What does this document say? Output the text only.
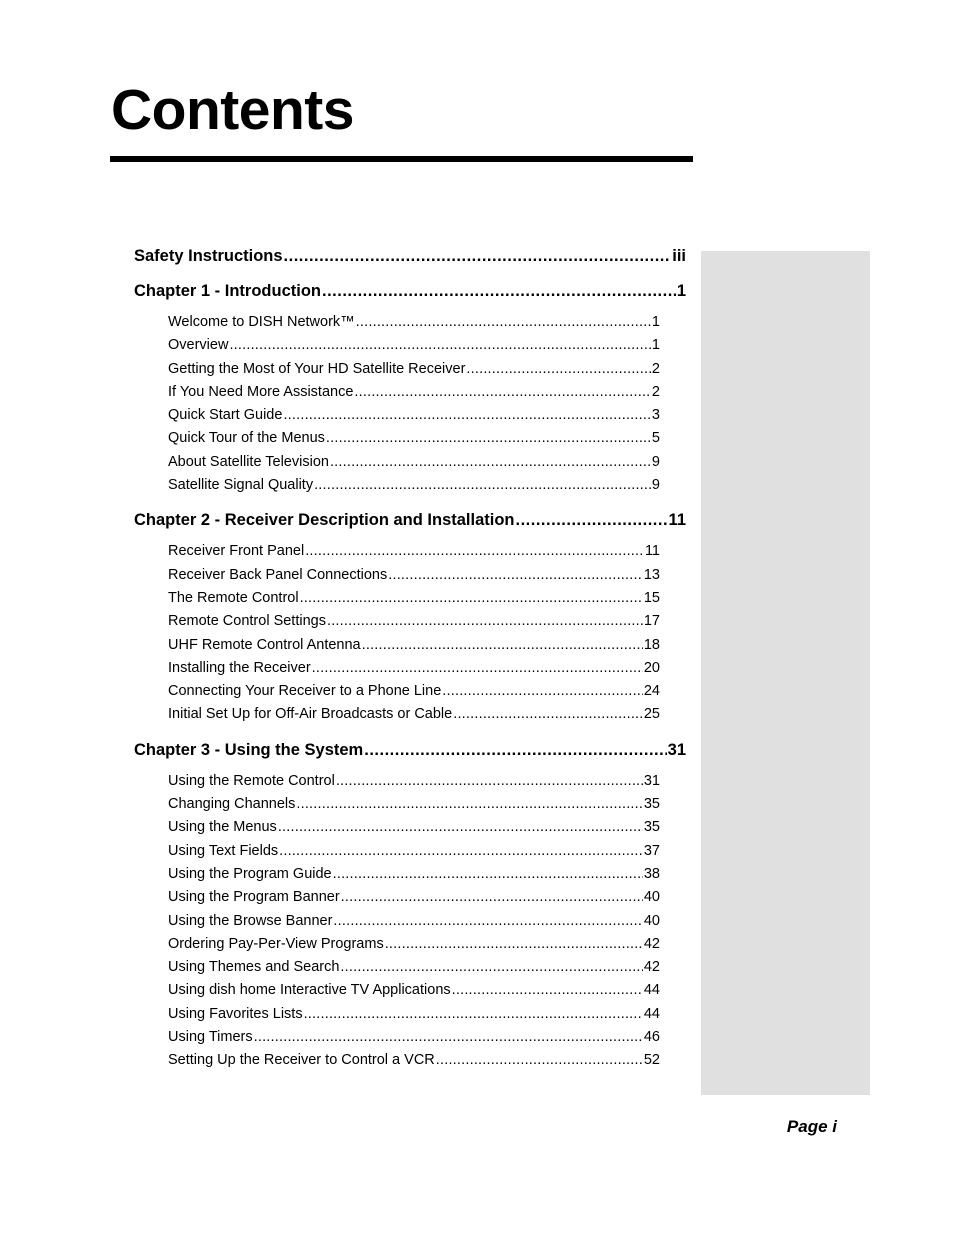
Contents
Safety Instructions .....	iii
Chapter 1 - Introduction .....	1
Welcome to DISH Network™ .....	1
Overview .....	1
Getting the Most of Your HD Satellite Receiver .....	2
If You Need More Assistance .....	2
Quick Start Guide .....	3
Quick Tour of the Menus .....	5
About Satellite Television .....	9
Satellite Signal Quality .....	9
Chapter 2 - Receiver Description and Installation .....	11
Receiver Front Panel .....	11
Receiver Back Panel Connections .....	13
The Remote Control .....	15
Remote Control Settings .....	17
UHF Remote Control Antenna .....	18
Installing the Receiver .....	20
Connecting Your Receiver to a Phone Line .....	24
Initial Set Up for Off-Air Broadcasts or Cable .....	25
Chapter 3 - Using the System .....	31
Using the Remote Control .....	31
Changing Channels .....	35
Using the Menus .....	35
Using Text Fields .....	37
Using the Program Guide .....	38
Using the Program Banner .....	40
Using the Browse Banner .....	40
Ordering Pay-Per-View Programs .....	42
Using Themes and Search .....	42
Using dish home Interactive TV Applications .....	44
Using Favorites Lists .....	44
Using Timers .....	46
Setting Up the Receiver to Control a VCR .....	52
Page i
